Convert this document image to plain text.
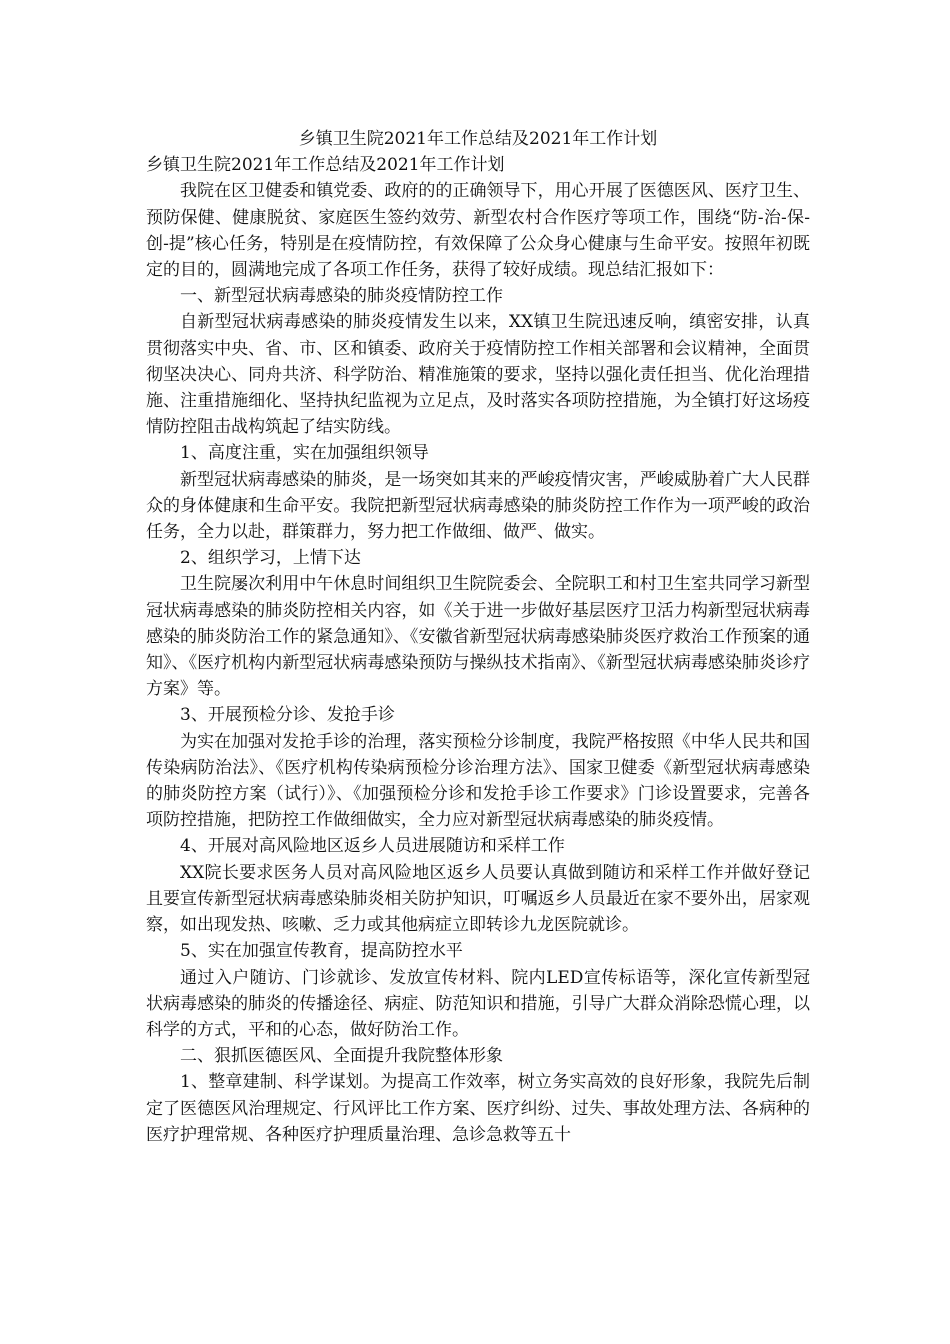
乡镇卫生院2021年工作总结及2021年工作计划

乡镇卫生院2021年工作总结及2021年工作计划

我院在区卫健委和镇党委、政府的的正确领导下，用心开展了医德医风、医疗卫生、预防保健、健康脱贫、家庭医生签约效劳、新型农村合作医疗等项工作，围绕“防-治-保-创-提”核心任务，特别是在疫情防控，有效保障了公众身心健康与生命平安。按照年初既定的目的，圆满地完成了各项工作任务，获得了较好成绩。现总结汇报如下：

一、新型冠状病毒感染的肺炎疫情防控工作

自新型冠状病毒感染的肺炎疫情发生以来，XX镇卫生院迅速反响，缜密安排，认真贯彻落实中央、省、市、区和镇委、政府关于疫情防控工作相关部署和会议精神，全面贯彻坚决决心、同舟共济、科学防治、精准施策的要求，坚持以强化责任担当、优化治理措施、注重措施细化、坚持执纪监视为立足点，及时落实各项防控措施，为全镇打好这场疫情防控阻击战构筑起了结实防线。

1、高度注重，实在加强组织领导

新型冠状病毒感染的肺炎，是一场突如其来的严峻疫情灾害，严峻威胁着广大人民群众的身体健康和生命平安。我院把新型冠状病毒感染的肺炎防控工作作为一项严峻的政治任务，全力以赴，群策群力，努力把工作做细、做严、做实。

2、组织学习，上情下达

卫生院屡次利用中午休息时间组织卫生院院委会、全院职工和村卫生室共同学习新型冠状病毒感染的肺炎防控相关内容，如《关于进一步做好基层医疗卫活力构新型冠状病毒感染的肺炎防治工作的紧急通知》、《安徽省新型冠状病毒感染肺炎医疗救治工作预案的通知》、《医疗机构内新型冠状病毒感染预防与操纵技术指南》、《新型冠状病毒感染肺炎诊疗方案》等。

3、开展预检分诊、发抢手诊

为实在加强对发抢手诊的治理，落实预检分诊制度，我院严格按照《中华人民共和国传染病防治法》、《医疗机构传染病预检分诊治理方法》、国家卫健委《新型冠状病毒感染的肺炎防控方案（试行）》、《加强预检分诊和发抢手诊工作要求》门诊设置要求，完善各项防控措施，把防控工作做细做实，全力应对新型冠状病毒感染的肺炎疫情。

4、开展对高风险地区返乡人员进展随访和采样工作

XX院长要求医务人员对高风险地区返乡人员要认真做到随访和采样工作并做好登记且要宣传新型冠状病毒感染肺炎相关防护知识，叮嘱返乡人员最近在家不要外出，居家观察，如出现发热、咳嗽、乏力或其他病症立即转诊九龙医院就诊。

5、实在加强宣传教育，提高防控水平

通过入户随访、门诊就诊、发放宣传材料、院内LED宣传标语等，深化宣传新型冠状病毒感染的肺炎的传播途径、病症、防范知识和措施，引导广大群众消除恐慌心理，以科学的方式，平和的心态，做好防治工作。

二、狠抓医德医风、全面提升我院整体形象

1、整章建制、科学谋划。为提高工作效率，树立务实高效的良好形象，我院先后制定了医德医风治理规定、行风评比工作方案、医疗纠纷、过失、事故处理方法、各病种的医疗护理常规、各种医疗护理质量治理、急诊急救等五十
